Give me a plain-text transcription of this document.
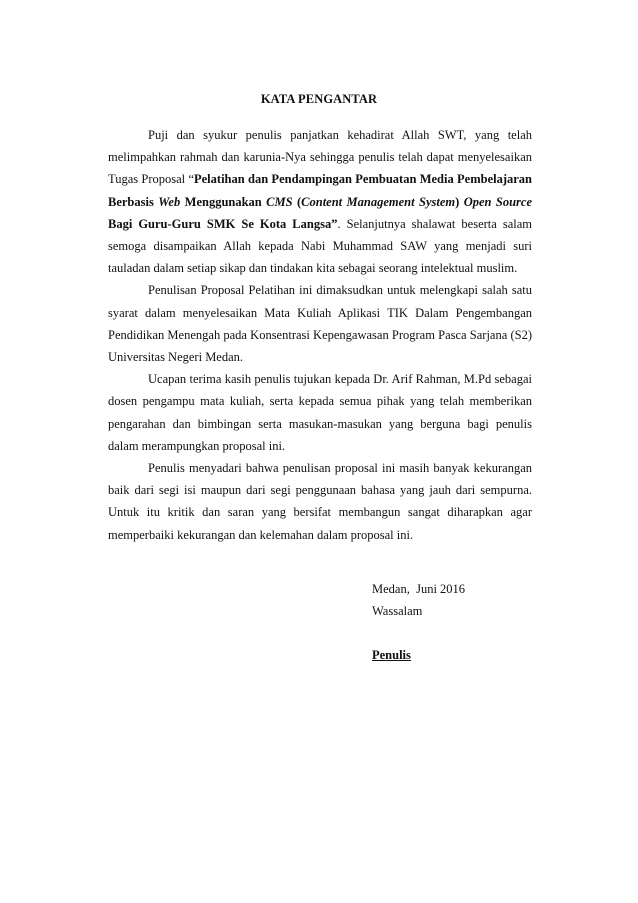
KATA PENGANTAR

Puji dan syukur penulis panjatkan kehadirat Allah SWT, yang telah melimpahkan rahmah dan karunia-Nya sehingga penulis telah dapat menyelesaikan Tugas Proposal “Pelatihan dan Pendampingan Pembuatan Media Pembelajaran Berbasis Web Menggunakan CMS (Content Management System) Open Source Bagi Guru-Guru SMK Se Kota Langsa”. Selanjutnya shalawat beserta salam semoga disampaikan Allah kepada Nabi Muhammad SAW yang menjadi suri tauladan dalam setiap sikap dan tindakan kita sebagai seorang intelektual muslim.

Penulisan Proposal Pelatihan ini dimaksudkan untuk melengkapi salah satu syarat dalam menyelesaikan Mata Kuliah Aplikasi TIK Dalam Pengembangan Pendidikan Menengah pada Konsentrasi Kepengawasan Program Pasca Sarjana (S2) Universitas Negeri Medan.

Ucapan terima kasih penulis tujukan kepada Dr. Arif Rahman, M.Pd sebagai dosen pengampu mata kuliah, serta kepada semua pihak yang telah memberikan pengarahan dan bimbingan serta masukan-masukan yang berguna bagi penulis dalam merampungkan proposal ini.

Penulis menyadari bahwa penulisan proposal ini masih banyak kekurangan baik dari segi isi maupun dari segi penggunaan bahasa yang jauh dari sempurna. Untuk itu kritik dan saran yang bersifat membangun sangat diharapkan agar memperbaiki kekurangan dan kelemahan dalam proposal ini.

Medan,  Juni 2016
Wassalam
Penulis
